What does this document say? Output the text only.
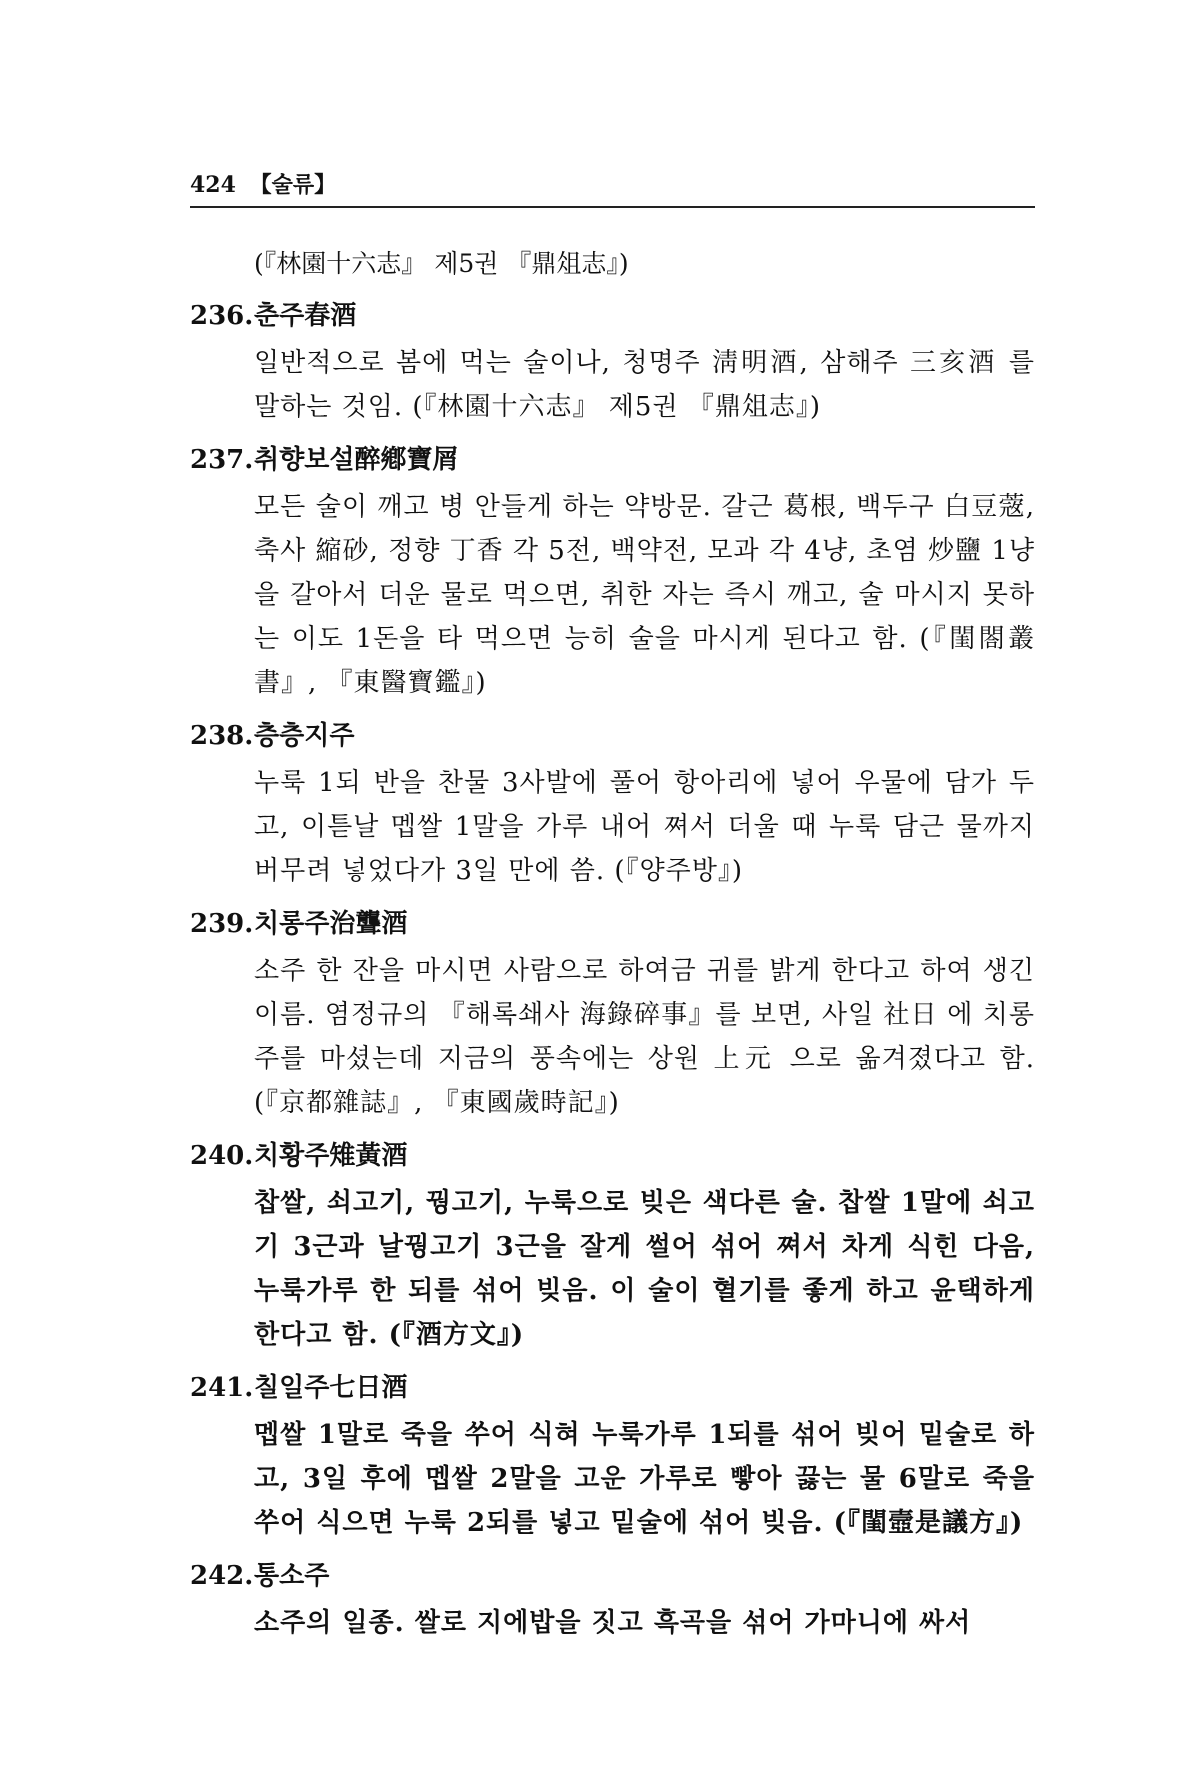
424 【술류】
(『林園十六志』 제5권 『鼎俎志』)
236.춘주春酒
일반적으로 봄에 먹는 술이나, 청명주 淸明酒, 삼해주 三亥酒 를 말하는 것임. (『林園十六志』 제5권 『鼎俎志』)
237.취향보설醉鄕寶屑
모든 술이 깨고 병 안들게 하는 약방문. 갈근 葛根, 백두구 白豆蔲, 축사 縮砂, 정향 丁香 각 5전, 백약전, 모과 각 4냥, 초염 炒鹽 1냥을 갈아서 더운 물로 먹으면, 취한 자는 즉시 깨고, 술 마시지 못하는 이도 1돈을 타 먹으면 능히 술을 마시게 된다고 함. (『閨閤叢書』, 『東醫寶鑑』)
238.층층지주
누룩 1되 반을 찬물 3사발에 풀어 항아리에 넣어 우물에 담가 두고, 이튿날 멥쌀 1말을 가루 내어 쪄서 더울 때 누룩 담근 물까지 버무려 넣었다가 3일 만에 씀. (『양주방』)
239.치롱주治聾酒
소주 한 잔을 마시면 사람으로 하여금 귀를 밝게 한다고 하여 생긴 이름. 염정규의 『해록쇄사 海錄碎事』를 보면, 사일 社日 에 치롱주를 마셨는데 지금의 풍속에는 상원 上元 으로 옮겨졌다고 함. (『京都雜誌』, 『東國歲時記』)
240.치황주雉黃酒
찹쌀, 쇠고기, 꿩고기, 누룩으로 빚은 색다른 술. 찹쌀 1말에 쇠고기 3근과 날꿩고기 3근을 잘게 썰어 섞어 쪄서 차게 식힌 다음, 누룩가루 한 되를 섞어 빚음. 이 술이 혈기를 좋게 하고 윤택하게 한다고 함. (『酒方文』)
241.칠일주七日酒
멥쌀 1말로 죽을 쑤어 식혀 누룩가루 1되를 섞어 빚어 밑술로 하고, 3일 후에 멥쌀 2말을 고운 가루로 빻아 끓는 물 6말로 죽을 쑤어 식으면 누룩 2되를 넣고 밑술에 섞어 빚음. (『閨壼是議方』)
242.통소주
소주의 일종. 쌀로 지에밥을 짓고 흑곡을 섞어 가마니에 싸서
